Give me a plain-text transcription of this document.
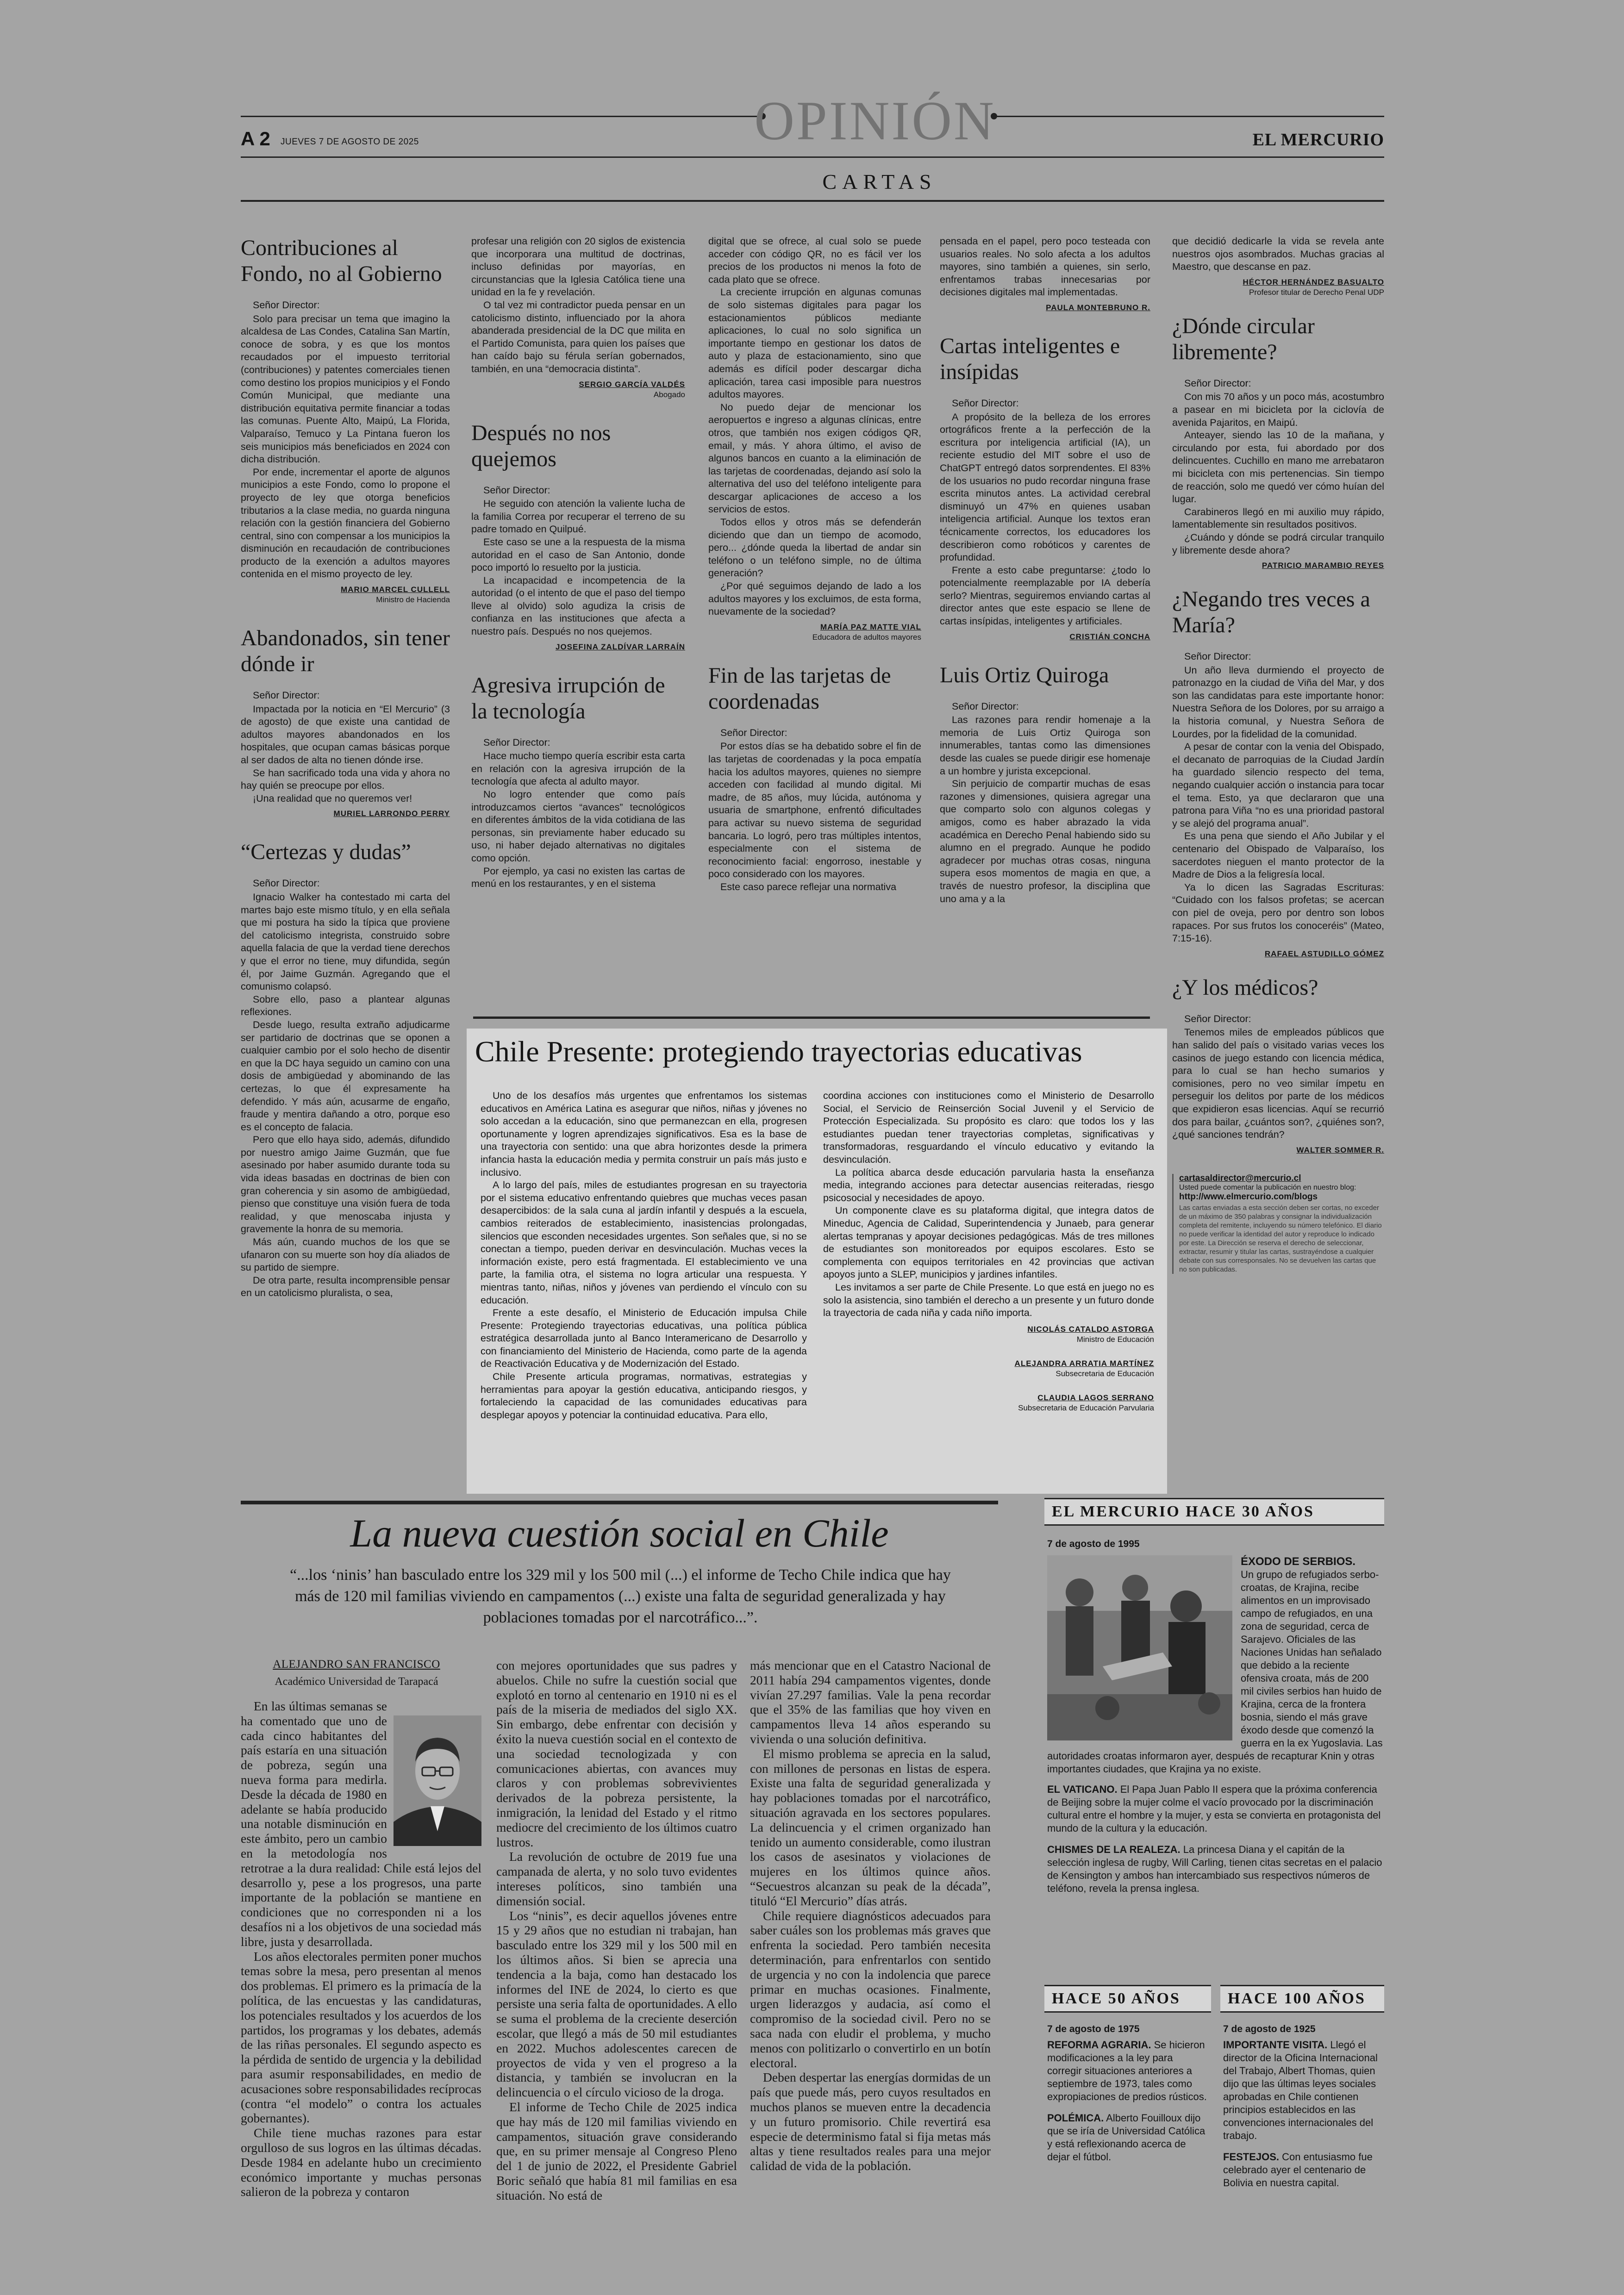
A 2 JUEVES 7 DE AGOSTO DE 2025	OPINIÓN	EL MERCURIO
CARTAS
Contribuciones al Fondo, no al Gobierno

Señor Director:

Solo para precisar un tema que imagino la alcaldesa de Las Condes, Catalina San Martín, conoce de sobra, y es que los montos recaudados por el impuesto territorial (contribuciones) y patentes comerciales tienen como destino los propios municipios y el Fondo Común Municipal, que mediante una distribución equitativa permite financiar a todas las comunas. Puente Alto, Maipú, La Florida, Valparaíso, Temuco y La Pintana fueron los seis municipios más beneficiados en 2024 con dicha distribución.

Por ende, incrementar el aporte de algunos municipios a este Fondo, como lo propone el proyecto de ley que otorga beneficios tributarios a la clase media, no guarda ninguna relación con la gestión financiera del Gobierno central, sino con compensar a los municipios la disminución en recaudación de contribuciones producto de la exención a adultos mayores contenida en el mismo proyecto de ley.

MARIO MARCEL CULLELL
Ministro de Hacienda
Abandonados, sin tener dónde ir

Señor Director:

Impactada por la noticia en “El Mercurio” (3 de agosto) de que existe una cantidad de adultos mayores abandonados en los hospitales, que ocupan camas básicas porque al ser dados de alta no tienen dónde irse.

Se han sacrificado toda una vida y ahora no hay quién se preocupe por ellos.

¡Una realidad que no queremos ver!

MURIEL LARRONDO PERRY
“Certezas y dudas”

Señor Director:

Ignacio Walker ha contestado mi carta del martes bajo este mismo título, y en ella señala que mi postura ha sido la típica que proviene del catolicismo integrista, construido sobre aquella falacia de que la verdad tiene derechos y que el error no tiene, muy difundida, según él, por Jaime Guzmán. Agregando que el comunismo colapsó.

Sobre ello, paso a plantear algunas reflexiones.

Desde luego, resulta extraño adjudicarme ser partidario de doctrinas que se oponen a cualquier cambio por el solo hecho de disentir en que la DC haya seguido un camino con una dosis de ambigüedad y abominando de las certezas, lo que él expresamente ha defendido. Y más aún, acusarme de engaño, fraude y mentira dañando a otro, porque eso es el concepto de falacia.

Pero que ello haya sido, además, difundido por nuestro amigo Jaime Guzmán, que fue asesinado por haber asumido durante toda su vida ideas basadas en doctrinas de bien con gran coherencia y sin asomo de ambigüedad, pienso que constituye una visión fuera de toda realidad, y que menoscaba injusta y gravemente la honra de su memoria.

Más aún, cuando muchos de los que se ufanaron con su muerte son hoy día aliados de su partido de siempre.

De otra parte, resulta incomprensible pensar en un catolicismo pluralista, o sea,

profesar una religión con 20 siglos de existencia que incorporara una multitud de doctrinas, incluso definidas por mayorías, en circunstancias que la Iglesia Católica tiene una unidad en la fe y revelación.

O tal vez mi contradictor pueda pensar en un catolicismo distinto, influenciado por la ahora abanderada presidencial de la DC que milita en el Partido Comunista, para quien los países que han caído bajo su férula serían gobernados, también, en una “democracia distinta”.

SERGIO GARCÍA VALDÉS
Abogado
Después no nos quejemos

Señor Director:

He seguido con atención la valiente lucha de la familia Correa por recuperar el terreno de su padre tomado en Quilpué.

Este caso se une a la respuesta de la misma autoridad en el caso de San Antonio, donde poco importó lo resuelto por la justicia.

La incapacidad e incompetencia de la autoridad (o el intento de que el paso del tiempo lleve al olvido) solo agudiza la crisis de confianza en las instituciones que afecta a nuestro país. Después no nos quejemos.

JOSEFINA ZALDÍVAR LARRAÍN
Agresiva irrupción de la tecnología

Señor Director:

Hace mucho tiempo quería escribir esta carta en relación con la agresiva irrupción de la tecnología que afecta al adulto mayor.

No logro entender que como país introduzcamos ciertos “avances” tecnológicos en diferentes ámbitos de la vida cotidiana de las personas, sin previamente haber educado su uso, ni haber dejado alternativas no digitales como opción.

Por ejemplo, ya casi no existen las cartas de menú en los restaurantes, y en el sistema

digital que se ofrece, al cual solo se puede acceder con código QR, no es fácil ver los precios de los productos ni menos la foto de cada plato que se ofrece.

La creciente irrupción en algunas comunas de solo sistemas digitales para pagar los estacionamientos públicos mediante aplicaciones, lo cual no solo significa un importante tiempo en gestionar los datos de auto y plaza de estacionamiento, sino que además es difícil poder descargar dicha aplicación, tarea casi imposible para nuestros adultos mayores.

No puedo dejar de mencionar los aeropuertos e ingreso a algunas clínicas, entre otros, que también nos exigen códigos QR, email, y más. Y ahora último, el aviso de algunos bancos en cuanto a la eliminación de las tarjetas de coordenadas, dejando así solo la alternativa del uso del teléfono inteligente para descargar aplicaciones de acceso a los servicios de estos.

Todos ellos y otros más se defenderán diciendo que dan un tiempo de acomodo, pero... ¿dónde queda la libertad de andar sin teléfono o un teléfono simple, no de última generación?

¿Por qué seguimos dejando de lado a los adultos mayores y los excluimos, de esta forma, nuevamente de la sociedad?

MARÍA PAZ MATTE VIAL
Educadora de adultos mayores
Fin de las tarjetas de coordenadas

Señor Director:

Por estos días se ha debatido sobre el fin de las tarjetas de coordenadas y la poca empatía hacia los adultos mayores, quienes no siempre acceden con facilidad al mundo digital. Mi madre, de 85 años, muy lúcida, autónoma y usuaria de smartphone, enfrentó dificultades para activar su nuevo sistema de seguridad bancaria. Lo logró, pero tras múltiples intentos, especialmente con el sistema de reconocimiento facial: engorroso, inestable y poco considerado con los mayores.

Este caso parece reflejar una normativa

pensada en el papel, pero poco testeada con usuarios reales. No solo afecta a los adultos mayores, sino también a quienes, sin serlo, enfrentamos trabas innecesarias por decisiones digitales mal implementadas.

PAULA MONTEBRUNO R.
Cartas inteligentes e insípidas

Señor Director:

A propósito de la belleza de los errores ortográficos frente a la perfección de la escritura por inteligencia artificial (IA), un reciente estudio del MIT sobre el uso de ChatGPT entregó datos sorprendentes. El 83% de los usuarios no pudo recordar ninguna frase escrita minutos antes. La actividad cerebral disminuyó un 47% en quienes usaban inteligencia artificial. Aunque los textos eran técnicamente correctos, los educadores los describieron como robóticos y carentes de profundidad.

Frente a esto cabe preguntarse: ¿todo lo potencialmente reemplazable por IA debería serlo? Mientras, seguiremos enviando cartas al director antes que este espacio se llene de cartas insípidas, inteligentes y artificiales.

CRISTIÁN CONCHA
Luis Ortiz Quiroga

Señor Director:

Las razones para rendir homenaje a la memoria de Luis Ortiz Quiroga son innumerables, tantas como las dimensiones desde las cuales se puede dirigir ese homenaje a un hombre y jurista excepcional.

Sin perjuicio de compartir muchas de esas razones y dimensiones, quisiera agregar una que comparto solo con algunos colegas y amigos, como es haber abrazado la vida académica en Derecho Penal habiendo sido su alumno en el pregrado. Aunque he podido agradecer por muchas otras cosas, ninguna supera esos momentos de magia en que, a través de nuestro profesor, la disciplina que uno ama y a la

que decidió dedicarle la vida se revela ante nuestros ojos asombrados. Muchas gracias al Maestro, que descanse en paz.

HÉCTOR HERNÁNDEZ BASUALTO
Profesor titular de Derecho Penal UDP
¿Dónde circular libremente?

Señor Director:

Con mis 70 años y un poco más, acostumbro a pasear en mi bicicleta por la ciclovía de avenida Pajaritos, en Maipú.

Anteayer, siendo las 10 de la mañana, y circulando por esta, fui abordado por dos delincuentes. Cuchillo en mano me arrebataron mi bicicleta con mis pertenencias. Sin tiempo de reacción, solo me quedó ver cómo huían del lugar.

Carabineros llegó en mi auxilio muy rápido, lamentablemente sin resultados positivos.

¿Cuándo y dónde se podrá circular tranquilo y libremente desde ahora?

PATRICIO MARAMBIO REYES
¿Negando tres veces a María?

Señor Director:

Un año lleva durmiendo el proyecto de patronazgo en la ciudad de Viña del Mar, y dos son las candidatas para este importante honor: Nuestra Señora de los Dolores, por su arraigo a la historia comunal, y Nuestra Señora de Lourdes, por la fidelidad de la comunidad.

A pesar de contar con la venia del Obispado, el decanato de parroquias de la Ciudad Jardín ha guardado silencio respecto del tema, negando cualquier acción o instancia para tocar el tema. Esto, ya que declararon que una patrona para Viña “no es una prioridad pastoral y se alejó del programa anual”.

Es una pena que siendo el Año Jubilar y el centenario del Obispado de Valparaíso, los sacerdotes nieguen el manto protector de la Madre de Dios a la feligresía local.

Ya lo dicen las Sagradas Escrituras: “Cuidado con los falsos profetas; se acercan con piel de oveja, pero por dentro son lobos rapaces. Por sus frutos los conoceréis” (Mateo, 7:15-16).

RAFAEL ASTUDILLO GÓMEZ
¿Y los médicos?

Señor Director:

Tenemos miles de empleados públicos que han salido del país o visitado varias veces los casinos de juego estando con licencia médica, para lo cual se han hecho sumarios y comisiones, pero no veo similar ímpetu en perseguir los delitos por parte de los médicos que expidieron esas licencias. Aquí se recurrió dos para bailar, ¿cuántos son?, ¿quiénes son?, ¿qué sanciones tendrán?

WALTER SOMMER R.
cartasaldirector@mercurio.cl
Usted puede comentar la publicación en nuestro blog:
http://www.elmercurio.com/blogs
Las cartas enviadas a esta sección deben ser cortas, no exceder de un máximo de 350 palabras y consignar la individualización completa del remitente, incluyendo su número telefónico. El diario no puede verificar la identidad del autor y reproduce lo indicado por este. La Dirección se reserva el derecho de seleccionar, extractar, resumir y titular las cartas, sustrayéndose a cualquier debate con sus corresponsales. No se devuelven las cartas que no son publicadas.
Chile Presente: protegiendo trayectorias educativas

Uno de los desafíos más urgentes que enfrentamos los sistemas educativos en América Latina es asegurar que niños, niñas y jóvenes no solo accedan a la educación, sino que permanezcan en ella, progresen oportunamente y logren aprendizajes significativos. Esa es la base de una trayectoria con sentido: una que abra horizontes desde la primera infancia hasta la educación media y permita construir un país más justo e inclusivo.

A lo largo del país, miles de estudiantes progresan en su trayectoria por el sistema educativo enfrentando quiebres que muchas veces pasan desapercibidos: de la sala cuna al jardín infantil y después a la escuela, cambios reiterados de establecimiento, inasistencias prolongadas, silencios que esconden necesidades urgentes. Son señales que, si no se conectan a tiempo, pueden derivar en desvinculación. Muchas veces la información existe, pero está fragmentada. El establecimiento ve una parte, la familia otra, el sistema no logra articular una respuesta. Y mientras tanto, niñas, niños y jóvenes van perdiendo el vínculo con su educación.

Frente a este desafío, el Ministerio de Educación impulsa Chile Presente: Protegiendo trayectorias educativas, una política pública estratégica desarrollada junto al Banco Interamericano de Desarrollo y con financiamiento del Ministerio de Hacienda, como parte de la agenda de Reactivación Educativa y de Modernización del Estado.

Chile Presente articula programas, normativas, estrategias y herramientas para apoyar la gestión educativa, anticipando riesgos, y fortaleciendo la capacidad de las comunidades educativas para desplegar apoyos y potenciar la continuidad educativa. Para ello,

coordina acciones con instituciones como el Ministerio de Desarrollo Social, el Servicio de Reinserción Social Juvenil y el Servicio de Protección Especializada. Su propósito es claro: que todos los y las estudiantes puedan tener trayectorias completas, significativas y transformadoras, resguardando el vínculo educativo y evitando la desvinculación.

La política abarca desde educación parvularia hasta la enseñanza media, integrando acciones para detectar ausencias reiteradas, riesgo psicosocial y necesidades de apoyo.

Un componente clave es su plataforma digital, que integra datos de Mineduc, Agencia de Calidad, Superintendencia y Junaeb, para generar alertas tempranas y apoyar decisiones pedagógicas. Más de tres millones de estudiantes son monitoreados por equipos escolares. Esto se complementa con equipos territoriales en 42 provincias que activan apoyos junto a SLEP, municipios y jardines infantiles.

Les invitamos a ser parte de Chile Presente. Lo que está en juego no es solo la asistencia, sino también el derecho a un presente y un futuro donde la trayectoria de cada niña y cada niño importa.

NICOLÁS CATALDO ASTORGA
Ministro de Educación
ALEJANDRA ARRATIA MARTÍNEZ
Subsecretaria de Educación
CLAUDIA LAGOS SERRANO
Subsecretaria de Educación Parvularia
La nueva cuestión social en Chile
“...los ‘ninis’ han basculado entre los 329 mil y los 500 mil (...) el informe de Techo Chile indica que hay más de 120 mil familias viviendo en campamentos (...) existe una falta de seguridad generalizada y hay poblaciones tomadas por el narcotráfico...”.
ALEJANDRO SAN FRANCISCO
Académico Universidad de Tarapacá

En las últimas semanas se ha comentado que uno de cada cinco habitantes del país estaría en una situación de pobreza, según una nueva forma para medirla. Desde la década de 1980 en adelante se había producido una notable disminución en este ámbito, pero un cambio en la metodología nos retrotrae a la dura realidad: Chile está lejos del desarrollo y, pese a los progresos, una parte importante de la población se mantiene en condiciones que no corresponden ni a los desafíos ni a los objetivos de una sociedad más libre, justa y desarrollada.

Los años electorales permiten poner muchos temas sobre la mesa, pero presentan al menos dos problemas. El primero es la primacía de la política, de las encuestas y las candidaturas, los potenciales resultados y los acuerdos de los partidos, los programas y los debates, además de las riñas personales. El segundo aspecto es la pérdida de sentido de urgencia y la debilidad para asumir responsabilidades, en medio de acusaciones sobre responsabilidades recíprocas (contra “el modelo” o contra los actuales gobernantes).

Chile tiene muchas razones para estar orgulloso de sus logros en las últimas décadas. Desde 1984 en adelante hubo un crecimiento económico importante y muchas personas salieron de la pobreza y contaron

con mejores oportunidades que sus padres y abuelos. Chile no sufre la cuestión social que explotó en torno al centenario en 1910 ni es el país de la miseria de mediados del siglo XX. Sin embargo, debe enfrentar con decisión y éxito la nueva cuestión social en el contexto de una sociedad tecnologizada y con comunicaciones abiertas, con avances muy claros y con problemas sobrevivientes derivados de la pobreza persistente, la inmigración, la lenidad del Estado y el ritmo mediocre del crecimiento de los últimos cuatro lustros.

La revolución de octubre de 2019 fue una campanada de alerta, y no solo tuvo evidentes intereses políticos, sino también una dimensión social.

Los “ninis”, es decir aquellos jóvenes entre 15 y 29 años que no estudian ni trabajan, han basculado entre los 329 mil y los 500 mil en los últimos años. Si bien se aprecia una tendencia a la baja, como han destacado los informes del INE de 2024, lo cierto es que persiste una seria falta de oportunidades. A ello se suma el problema de la creciente deserción escolar, que llegó a más de 50 mil estudiantes en 2022. Muchos adolescentes carecen de proyectos de vida y ven el progreso a la distancia, y también se involucran en la delincuencia o el círculo vicioso de la droga.

El informe de Techo Chile de 2025 indica que hay más de 120 mil familias viviendo en campamentos, situación grave considerando que, en su primer mensaje al Congreso Pleno del 1 de junio de 2022, el Presidente Gabriel Boric señaló que había 81 mil familias en esa situación. No está de

más mencionar que en el Catastro Nacional de 2011 había 294 campamentos vigentes, donde vivían 27.297 familias. Vale la pena recordar que el 35% de las familias que hoy viven en campamentos lleva 14 años esperando su vivienda o una solución definitiva.

El mismo problema se aprecia en la salud, con millones de personas en listas de espera. Existe una falta de seguridad generalizada y hay poblaciones tomadas por el narcotráfico, situación agravada en los sectores populares. La delincuencia y el crimen organizado han tenido un aumento considerable, como ilustran los casos de asesinatos y violaciones de mujeres en los últimos quince años. “Secuestros alcanzan su peak de la década”, tituló “El Mercurio” días atrás.

Chile requiere diagnósticos adecuados para saber cuáles son los problemas más graves que enfrenta la sociedad. Pero también necesita determinación, para enfrentarlos con sentido de urgencia y no con la indolencia que parece primar en muchas ocasiones. Finalmente, urgen liderazgos y audacia, así como el compromiso de la sociedad civil. Pero no se saca nada con eludir el problema, y mucho menos con politizarlo o convertirlo en un botín electoral.

Deben despertar las energías dormidas de un país que puede más, pero cuyos resultados en muchos planos se mueven entre la decadencia y un futuro promisorio. Chile revertirá esa especie de determinismo fatal si fija metas más altas y tiene resultados reales para una mejor calidad de vida de la población.

EL MERCURIO HACE 30 AÑOS
7 de agosto de 1995
ÉXODO DE SERBIOS.

Un grupo de refugiados serbo-croatas, de Krajina, recibe alimentos en un improvisado campo de refugiados, en una zona de seguridad, cerca de Sarajevo. Oficiales de las Naciones Unidas han señalado que debido a la reciente ofensiva croata, más de 200 mil civiles serbios han huido de Krajina, cerca de la frontera bosnia, siendo el más grave éxodo desde que comenzó la guerra en la ex Yugoslavia. Las autoridades croatas informaron ayer, después de recapturar Knin y otras importantes ciudades, que Krajina ya no existe.

EL VATICANO. El Papa Juan Pablo II espera que la próxima conferencia de Beijing sobre la mujer colme el vacío provocado por la discriminación cultural entre el hombre y la mujer, y esta se convierta en protagonista del mundo de la cultura y la educación.

CHISMES DE LA REALEZA. La princesa Diana y el capitán de la selección inglesa de rugby, Will Carling, tienen citas secretas en el palacio de Kensington y ambos han intercambiado sus respectivos números de teléfono, revela la prensa inglesa.

HACE 50 AÑOS
7 de agosto de 1975

REFORMA AGRARIA. Se hicieron modificaciones a la ley para corregir situaciones anteriores a septiembre de 1973, tales como expropiaciones de predios rústicos.

POLÉMICA. Alberto Fouilloux dijo que se iría de Universidad Católica y está reflexionando acerca de dejar el fútbol.

HACE 100 AÑOS
7 de agosto de 1925

IMPORTANTE VISITA. Llegó el director de la Oficina Internacional del Trabajo, Albert Thomas, quien dijo que las últimas leyes sociales aprobadas en Chile contienen principios establecidos en las convenciones internacionales del trabajo.

FESTEJOS. Con entusiasmo fue celebrado ayer el centenario de Bolivia en nuestra capital.
